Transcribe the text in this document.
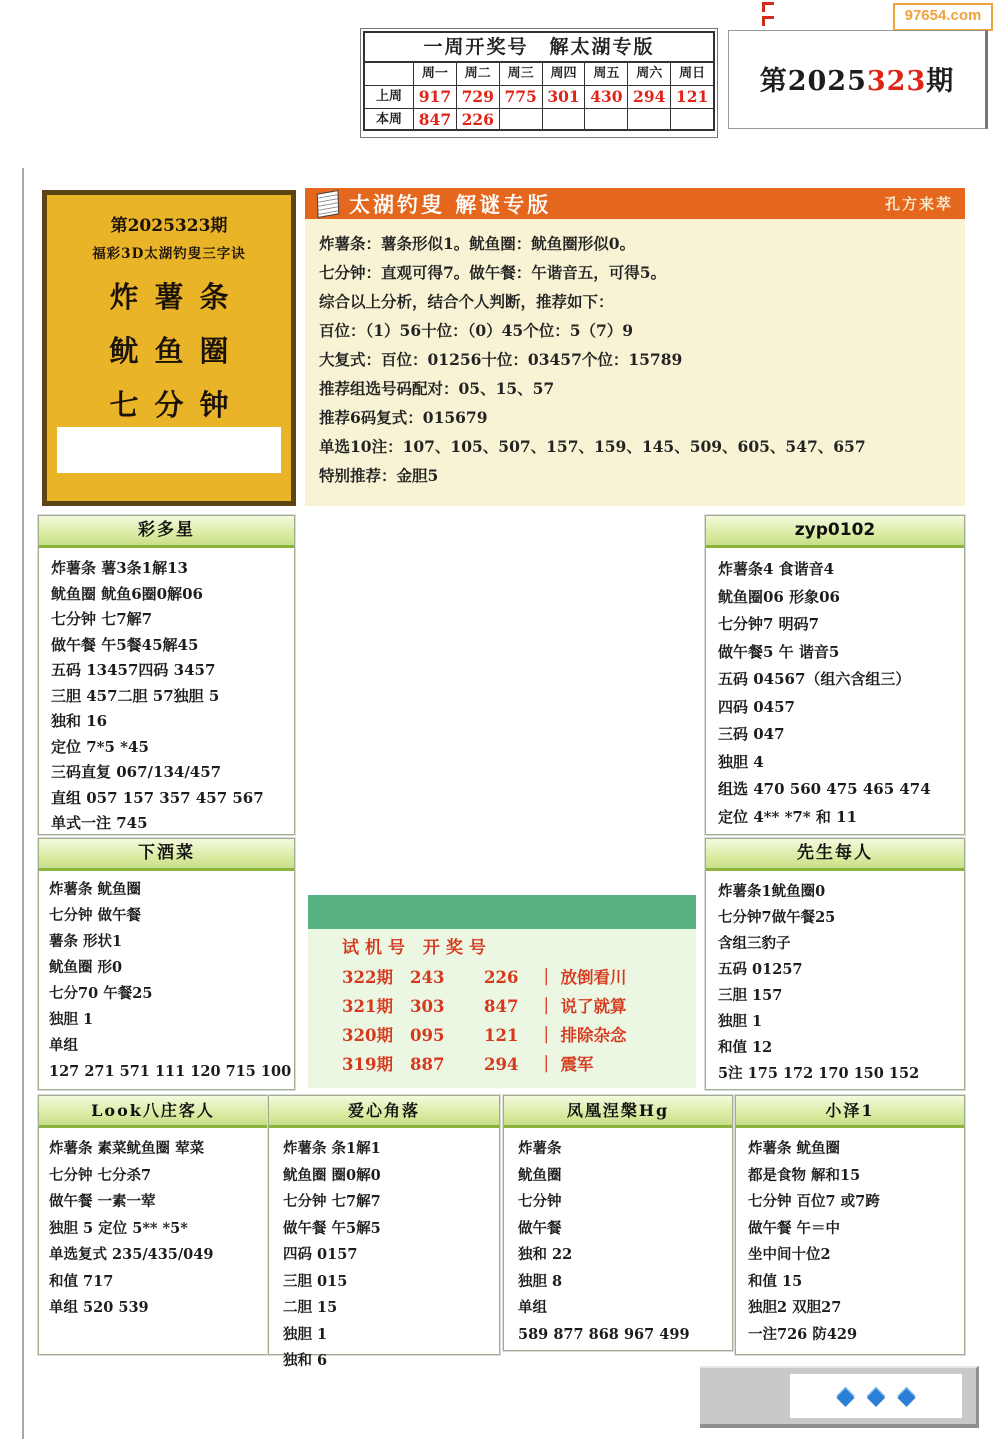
97654.com
一周开奖号　解太湖专版
周一	周二	周三	周四	周五	周六	周日
上周	917 729 775 301 430 294 121
本周	847 226
第2025323期
第2025323期
福彩3D太湖钓叟三字诀
炸薯条
鱿鱼圈
七分钟
太湖钓叟 解谜专版	孔方来萃
炸薯条：薯条形似1。鱿鱼圈：鱿鱼圈形似0。
七分钟：直观可得7。做午餐：午谐音五，可得5。
综合以上分析，结合个人判断，推荐如下：
百位：（1）56十位：（0）45个位：5（7）9
大复式：百位：01256十位：03457个位：15789
推荐组选号码配对：05、15、57
推荐6码复式：015679
单选10注：107、105、507、157、159、145、509、605、547、657
特别推荐：金胆5
彩多星
炸薯条 薯3条1解13
鱿鱼圈 鱿鱼6圈0解06
七分钟 七7解7
做午餐 午5餐45解45
五码 13457四码 3457
三胆 457二胆 57独胆 5
独和 16
定位 7*5 *45
三码直复 067/134/457
直组 057 157 357 457 567
单式一注 745
zyp0102
炸薯条4 食谐音4
鱿鱼圈06 形象06
七分钟7 明码7
做午餐5 午 谐音5
五码 04567（组六含组三）
四码 0457
三码 047
独胆 4
组选 470 560 475 465 474
定位 4** *7* 和 11
下酒菜
炸薯条 鱿鱼圈
七分钟 做午餐
薯条 形状1
鱿鱼圈 形0
七分70 午餐25
独胆 1
单组
127 271 571 111 120 715 100
先生每人
炸薯条1鱿鱼圈0
七分钟7做午餐25
含组三豹子
五码 01257
三胆 157
独胆 1
和值 12
5注 175 172 170 150 152
试机号 开奖号
322期 243 226 ｜ 放倒看川
321期 303 847 ｜ 说了就算
320期 095 121 ｜ 排除杂念
319期 887 294 ｜ 震军
Look八庄客人
炸薯条 素菜鱿鱼圈 荤菜
七分钟 七分杀7
做午餐 一素一荤
独胆 5 定位 5** *5*
单选复式 235/435/049
和值 717
单组 520 539
爱心角落
炸薯条 条1解1
鱿鱼圈 圈0解0
七分钟 七7解7
做午餐 午5解5
四码 0157
三胆 015
二胆 15
独胆 1
独和 6
凤凰涅槃Hg
炸薯条
鱿鱼圈
七分钟
做午餐
独和 22
独胆 8
单组
589 877 868 967 499
小泽1
炸薯条 鱿鱼圈
都是食物 解和15
七分钟 百位7 或7跨
做午餐 午＝中
坐中间十位2
和值 15
独胆2 双胆27
一注726 防429
◆ ◆ ◆
